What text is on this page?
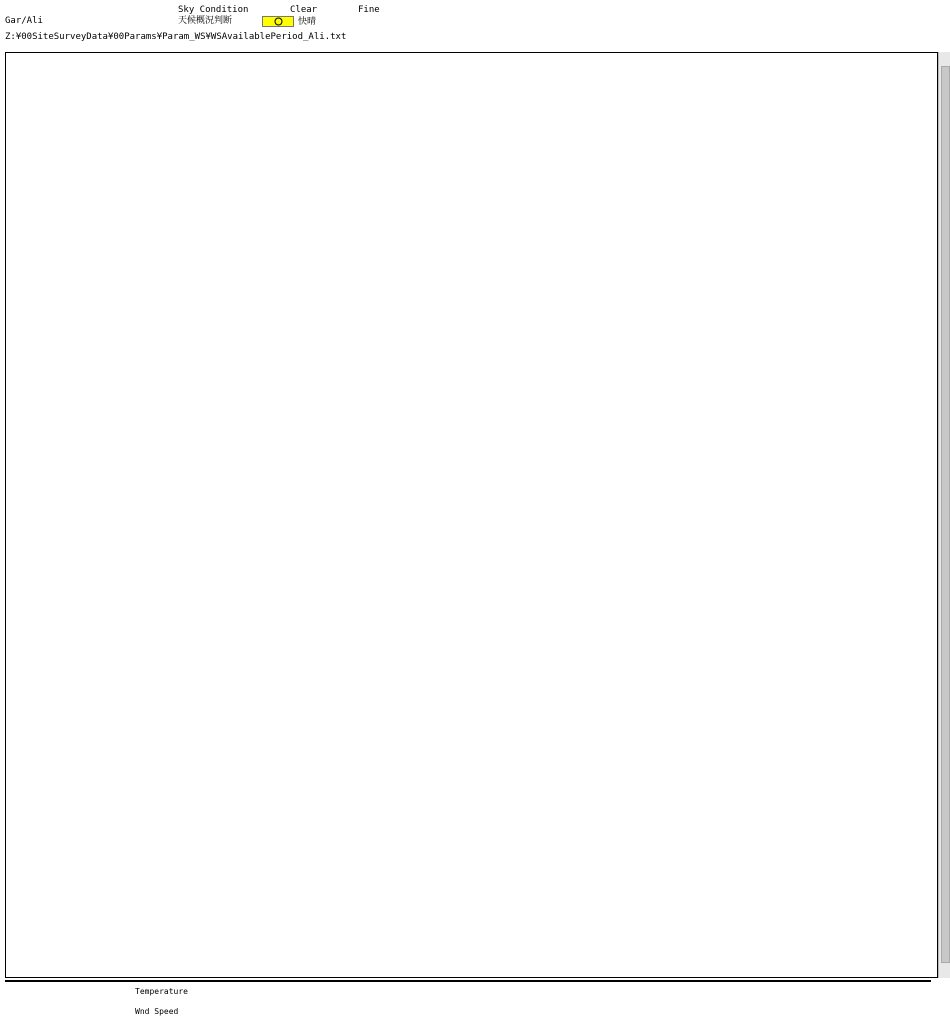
Gar/Ali
Z:¥00SiteSurveyData¥00Params¥Param_WS¥WSAvailablePeriod_Ali.txt
Sky Condition
天候概況判断
Clear
快晴
Fine
Temperature
Wnd Speed
